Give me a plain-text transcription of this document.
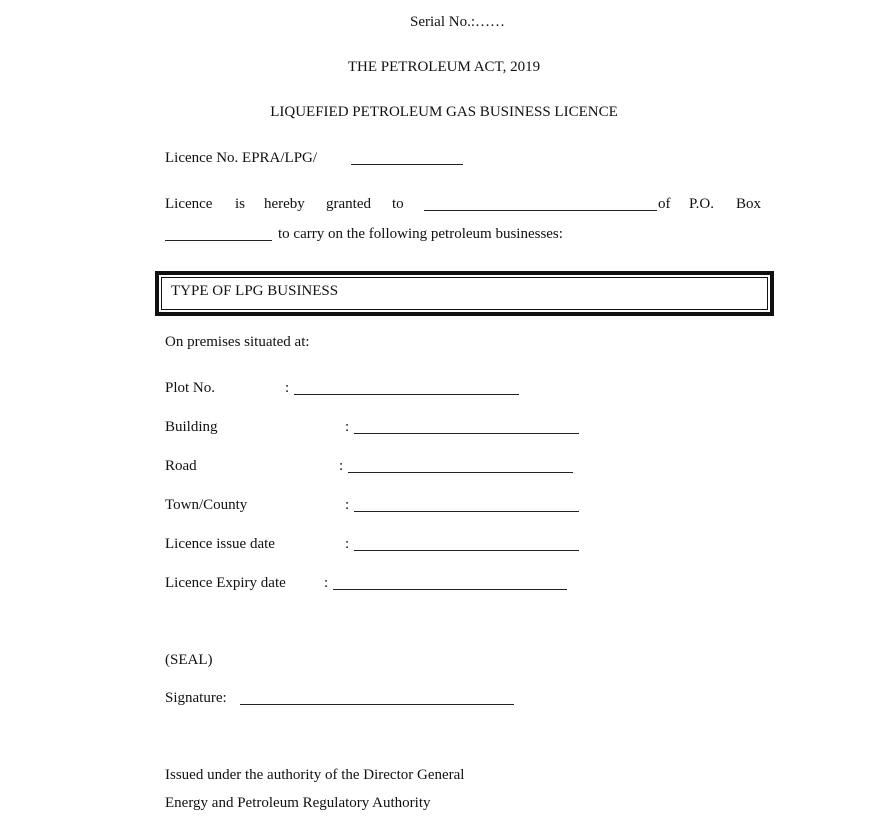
Serial No.:……
THE PETROLEUM ACT, 2019
LIQUEFIED PETROLEUM GAS BUSINESS LICENCE
Licence No. EPRA/LPG/
Licence is hereby granted to	of P.O. Box
to carry on the following petroleum businesses:
TYPE OF LPG BUSINESS
On premises situated at:
Plot No.	:
Building	:
Road	:
Town/County	:
Licence issue date	:
Licence Expiry date	:
(SEAL)
Signature:
Issued under the authority of the Director General
Energy and Petroleum Regulatory Authority
